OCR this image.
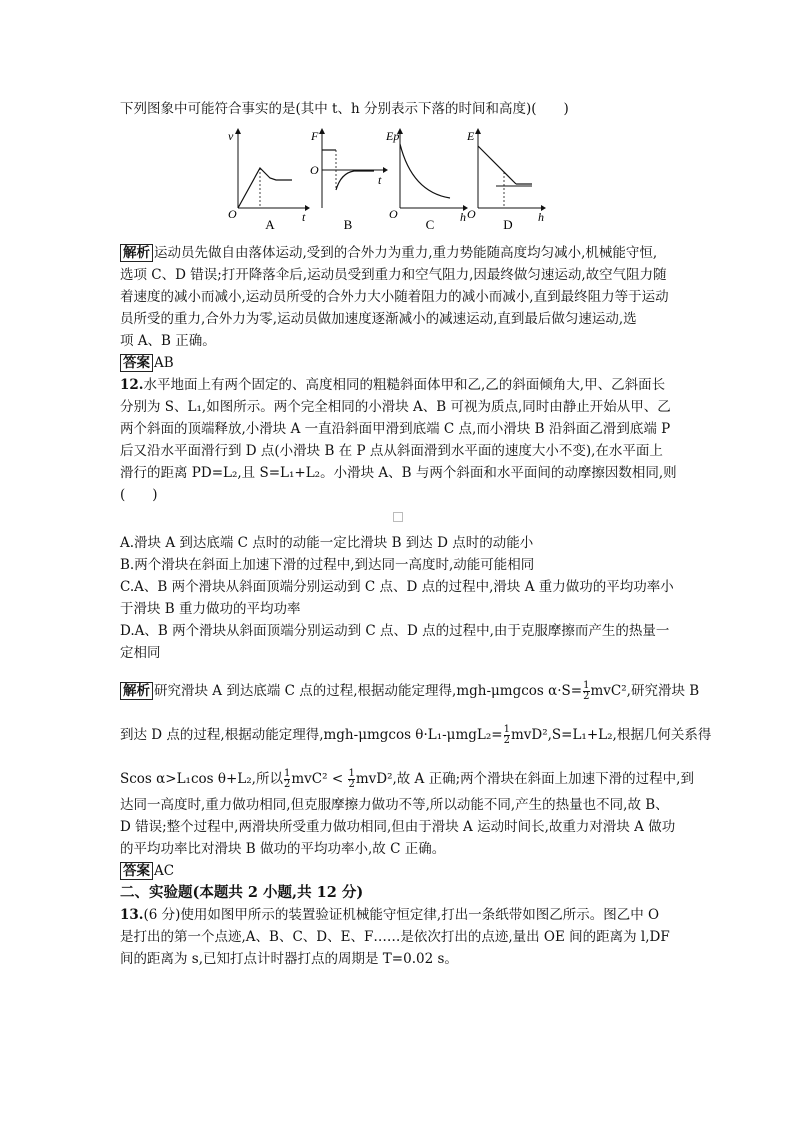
下列图象中可能符合事实的是(其中 t、h 分别表示下落的时间和高度)(　　)
v
O	t
A
F
O
t
B
Ep
O	h
C
E
O	h
D
解析 运动员先做自由落体运动,受到的合外力为重力,重力势能随高度均匀减小,机械能守恒,
选项 C、D 错误;打开降落伞后,运动员受到重力和空气阻力,因最终做匀速运动,故空气阻力随
着速度的减小而减小,运动员所受的合外力大小随着阻力的减小而减小,直到最终阻力等于运动
员所受的重力,合外力为零,运动员做加速度逐渐减小的减速运动,直到最后做匀速运动,选
项 A、B 正确。
答案 AB
12.水平地面上有两个固定的、高度相同的粗糙斜面体甲和乙,乙的斜面倾角大,甲、乙斜面长
分别为 S、L₁,如图所示。两个完全相同的小滑块 A、B 可视为质点,同时由静止开始从甲、乙
两个斜面的顶端释放,小滑块 A 一直沿斜面甲滑到底端 C 点,而小滑块 B 沿斜面乙滑到底端 P
后又沿水平面滑行到 D 点(小滑块 B 在 P 点从斜面滑到水平面的速度大小不变),在水平面上
滑行的距离 PD=L₂,且 S=L₁+L₂。小滑块 A、B 与两个斜面和水平面间的动摩擦因数相同,则
(　　)
A.滑块 A 到达底端 C 点时的动能一定比滑块 B 到达 D 点时的动能小
B.两个滑块在斜面上加速下滑的过程中,到达同一高度时,动能可能相同
C.A、B 两个滑块从斜面顶端分别运动到 C 点、D 点的过程中,滑块 A 重力做功的平均功率小
于滑块 B 重力做功的平均功率
D.A、B 两个滑块从斜面顶端分别运动到 C 点、D 点的过程中,由于克服摩擦而产生的热量一
定相同
解析 研究滑块 A 到达底端 C 点的过程,根据动能定理得,mgh-μmgcos $\alpha\cdot S= \frac{1}{2} mvC^2$,研究滑块 B
到达 D 点的过程,根据动能定理得,mgh-μmgcos $\theta\cdot L_1-\mu mgL_2= \frac{1}{2} mvD^2,S=L_1+L_2$,根据几何关系得
Scos α>L₁cos θ+L₂,所以 $\frac{1}{2} mvC^2 < \frac{1}{2} mvD^2$,故 A 正确;两个滑块在斜面上加速下滑的过程中,到
达同一高度时,重力做功相同,但克服摩擦力做功不等,所以动能不同,产生的热量也不同,故 B、
D 错误;整个过程中,两滑块所受重力做功相同,但由于滑块 A 运动时间长,故重力对滑块 A 做功
的平均功率比对滑块 B 做功的平均功率小,故 C 正确。
答案 AC
二、实验题(本题共 2 小题,共 12 分)
13.(6 分)使用如图甲所示的装置验证机械能守恒定律,打出一条纸带如图乙所示。图乙中 O
是打出的第一个点迹,A、B、C、D、E、F……是依次打出的点迹,量出 OE 间的距离为 l,DF
间的距离为 s,已知打点计时器打点的周期是 T=0.02 s。
